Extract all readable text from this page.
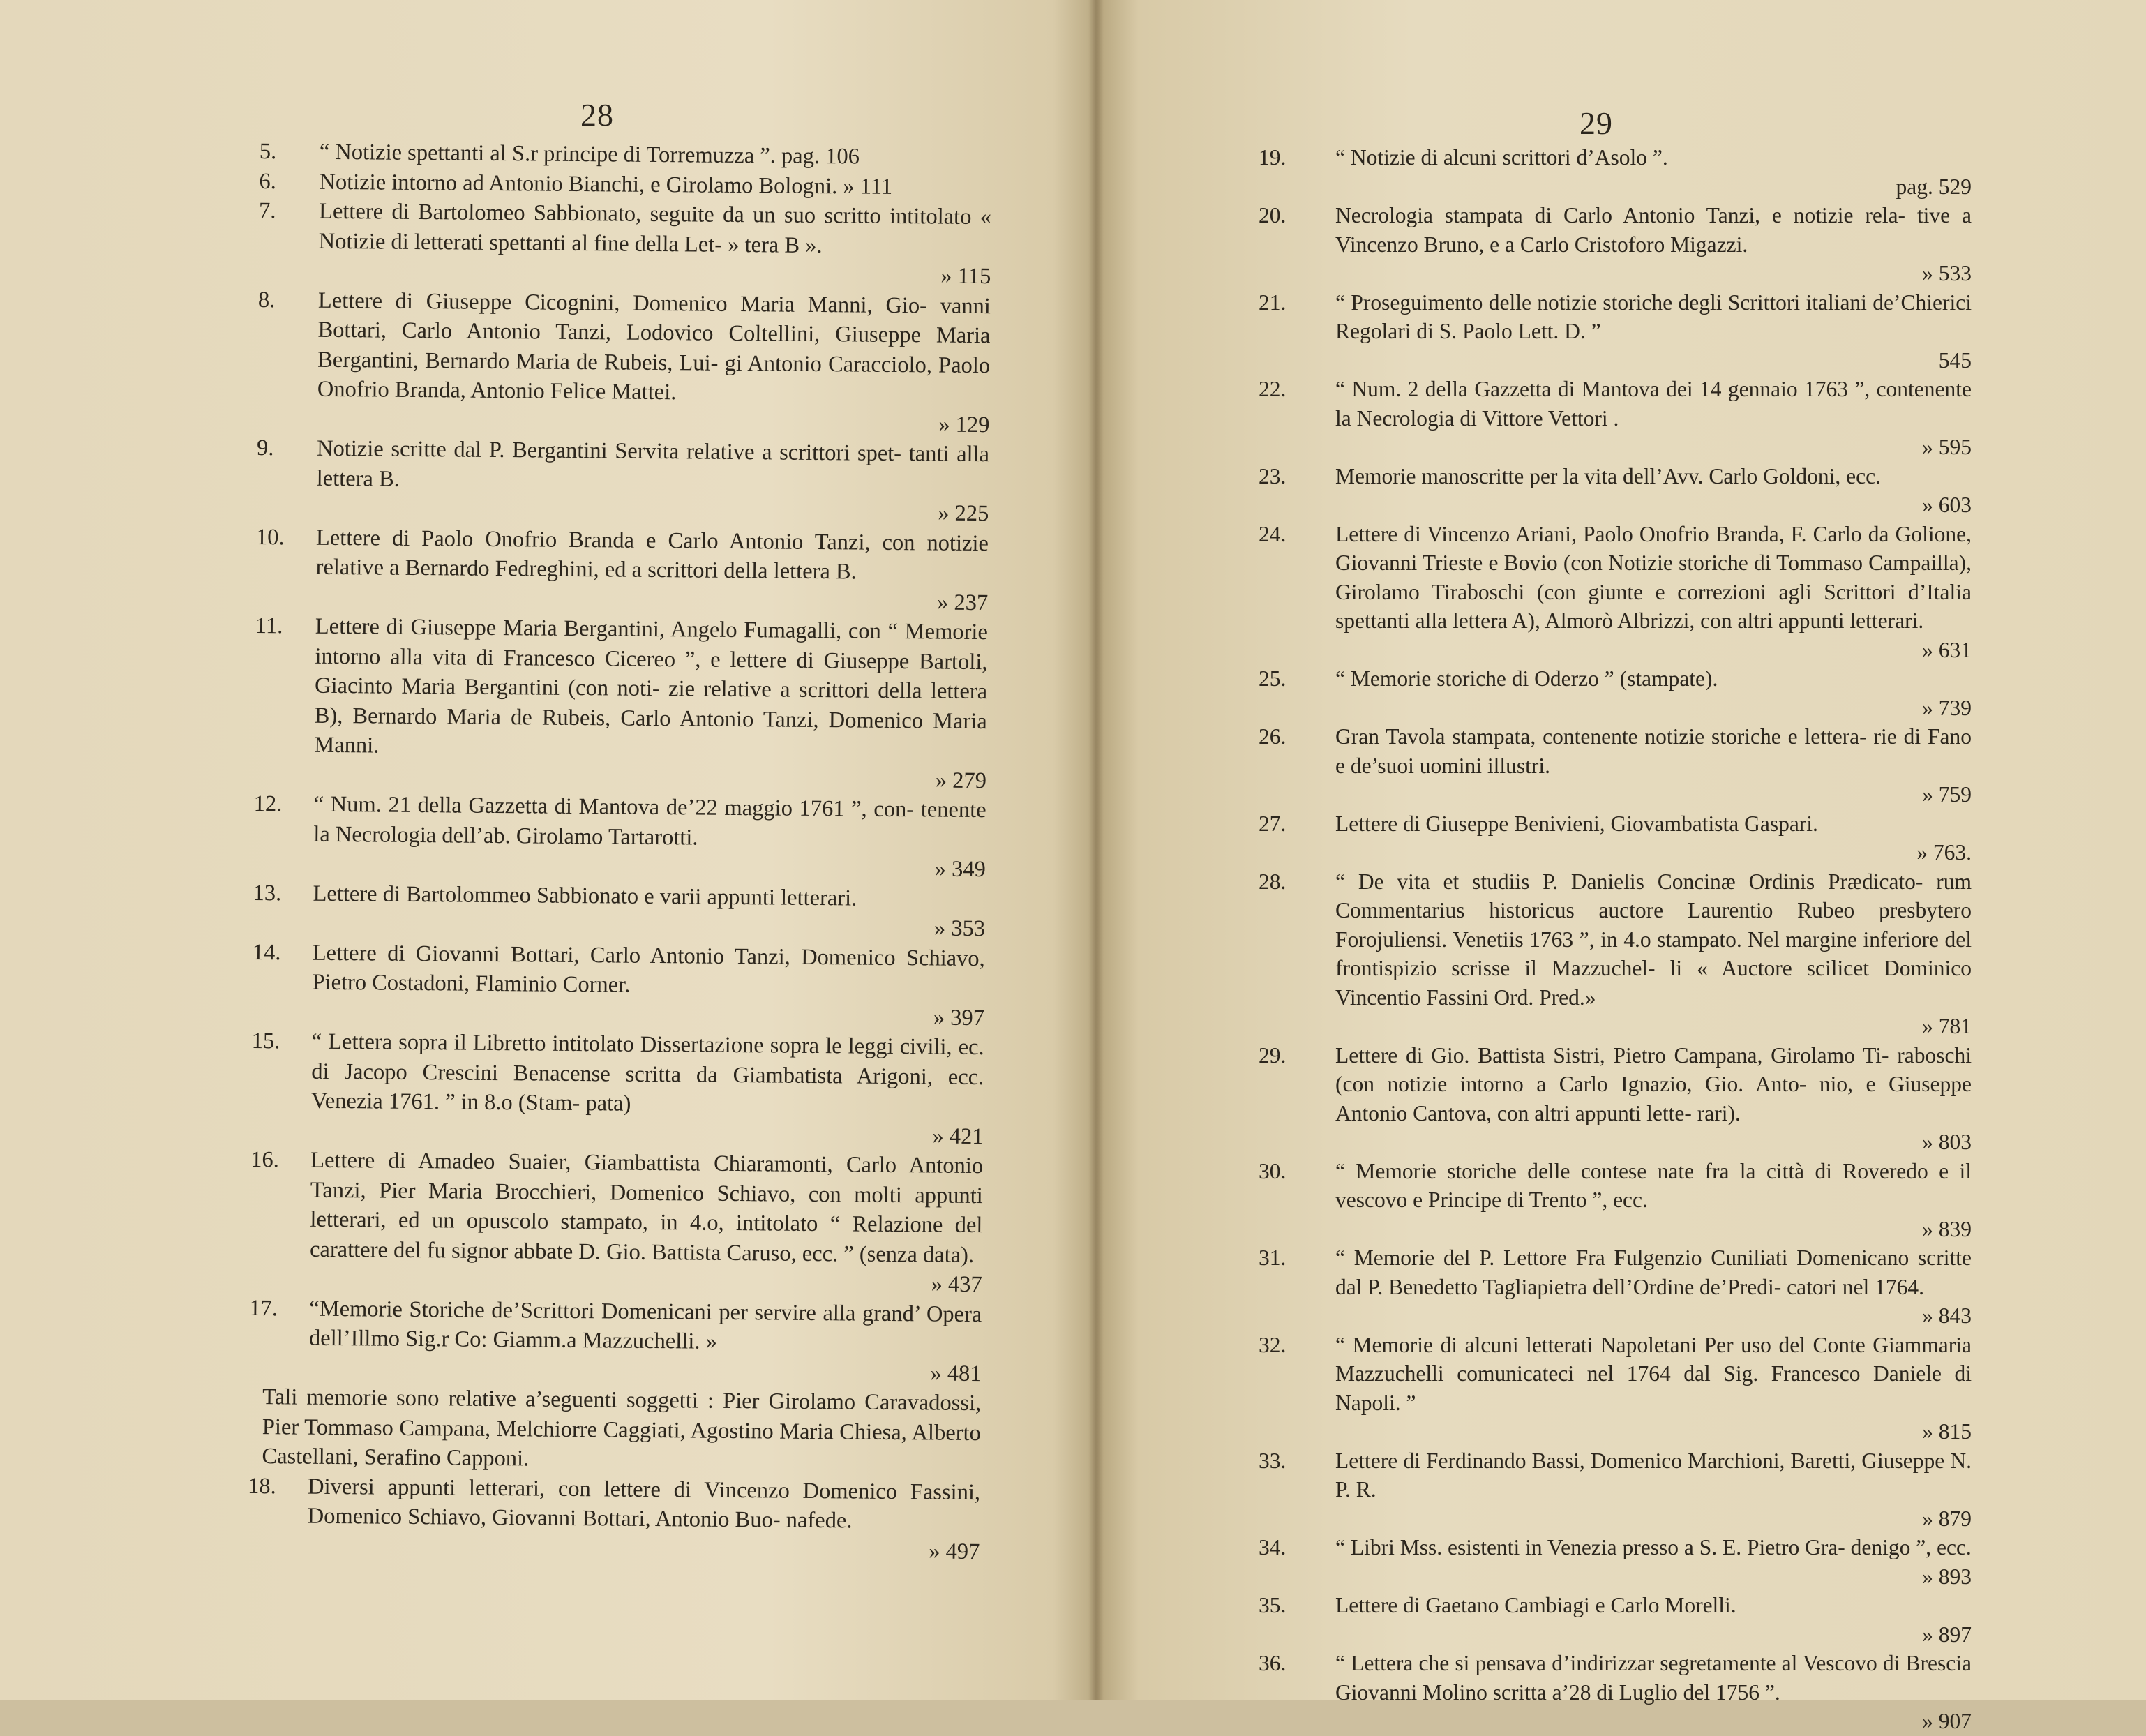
28

5. “ Notizie spettanti al S.r principe di Torremuzza ”. pag. 106
6. Notizie intorno ad Antonio Bianchi, e Girolamo Bologni. » 111
7. Lettere di Bartolomeo Sabbionato, seguite da un suo scritto intitolato « Notizie di letterati spettanti al fine della Let- » tera B ».
» 115
8. Lettere di Giuseppe Cicognini, Domenico Maria Manni, Gio- vanni Bottari, Carlo Antonio Tanzi, Lodovico Coltellini, Giuseppe Maria Bergantini, Bernardo Maria de Rubeis, Lui- gi Antonio Caracciolo, Paolo Onofrio Branda, Antonio Felice Mattei.
» 129
9. Notizie scritte dal P. Bergantini Servita relative a scrittori spet- tanti alla lettera B.
» 225
10. Lettere di Paolo Onofrio Branda e Carlo Antonio Tanzi, con notizie relative a Bernardo Fedreghini, ed a scrittori della lettera B.
» 237
11. Lettere di Giuseppe Maria Bergantini, Angelo Fumagalli, con “ Memorie intorno alla vita di Francesco Cicereo ”, e lettere di Giuseppe Bartoli, Giacinto Maria Bergantini (con noti- zie relative a scrittori della lettera B), Bernardo Maria de Rubeis, Carlo Antonio Tanzi, Domenico Maria Manni.
» 279
12. “ Num. 21 della Gazzetta di Mantova de’22 maggio 1761 ”, con- tenente la Necrologia dell’ab. Girolamo Tartarotti.
» 349
13. Lettere di Bartolommeo Sabbionato e varii appunti letterari.
» 353
14. Lettere di Giovanni Bottari, Carlo Antonio Tanzi, Domenico Schiavo, Pietro Costadoni, Flaminio Corner.
» 397
15. “ Lettera sopra il Libretto intitolato Dissertazione sopra le leggi civili, ec. di Jacopo Crescini Benacense scritta da Giambatista Arigoni, ecc. Venezia 1761. ” in 8.o (Stam- pata)
» 421
16. Lettere di Amadeo Suaier, Giambattista Chiaramonti, Carlo Antonio Tanzi, Pier Maria Brocchieri, Domenico Schiavo, con molti appunti letterari, ed un opuscolo stampato, in 4.o, intitolato “ Relazione del carattere del fu signor abbate D. Gio. Battista Caruso, ecc. ” (senza data).
» 437
17. “Memorie Storiche de’Scrittori Domenicani per servire alla grand’ Opera dell’Illmo Sig.r Co: Giamm.a Mazzuchelli. »
» 481
Tali memorie sono relative a’seguenti soggetti : Pier Girolamo Caravadossi, Pier Tommaso Campana, Melchiorre Caggiati, Agostino Maria Chiesa, Alberto Castellani, Serafino Capponi.
18. Diversi appunti letterari, con lettere di Vincenzo Domenico Fassini, Domenico Schiavo, Giovanni Bottari, Antonio Buo- nafede.
» 497

29

19. “ Notizie di alcuni scrittori d’Asolo ”.
pag. 529
20. Necrologia stampata di Carlo Antonio Tanzi, e notizie rela- tive a Vincenzo Bruno, e a Carlo Cristoforo Migazzi.
» 533
21. “ Proseguimento delle notizie storiche degli Scrittori italiani de’Chierici Regolari di S. Paolo Lett. D. ”
545
22. “ Num. 2 della Gazzetta di Mantova dei 14 gennaio 1763 ”, contenente la Necrologia di Vittore Vettori .
» 595
23. Memorie manoscritte per la vita dell’Avv. Carlo Goldoni, ecc.
» 603
24. Lettere di Vincenzo Ariani, Paolo Onofrio Branda, F. Carlo da Golione, Giovanni Trieste e Bovio (con Notizie storiche di Tommaso Campailla), Girolamo Tiraboschi (con giunte e correzioni agli Scrittori d’Italia spettanti alla lettera A), Almorò Albrizzi, con altri appunti letterari.
» 631
25. “ Memorie storiche di Oderzo ” (stampate).
» 739
26. Gran Tavola stampata, contenente notizie storiche e lettera- rie di Fano e de’suoi uomini illustri.
» 759
27. Lettere di Giuseppe Benivieni, Giovambatista Gaspari.
» 763.
28. “ De vita et studiis P. Danielis Concinæ Ordinis Prædicato- rum Commentarius historicus auctore Laurentio Rubeo presbytero Forojuliensi. Venetiis 1763 ”, in 4.o stampato. Nel margine inferiore del frontispizio scrisse il Mazzuchel- li « Auctore scilicet Dominico Vincentio Fassini Ord. Pred.»
» 781
29. Lettere di Gio. Battista Sistri, Pietro Campana, Girolamo Ti- raboschi (con notizie intorno a Carlo Ignazio, Gio. Anto- nio, e Giuseppe Antonio Cantova, con altri appunti lette- rari).
» 803
30. “ Memorie storiche delle contese nate fra la città di Roveredo e il vescovo e Principe di Trento ”, ecc.
» 839
31. “ Memorie del P. Lettore Fra Fulgenzio Cuniliati Domenicano scritte dal P. Benedetto Tagliapietra dell’Ordine de’Predi- catori nel 1764.
» 843
32. “ Memorie di alcuni letterati Napoletani Per uso del Conte Giammaria Mazzuchelli comunicateci nel 1764 dal Sig. Francesco Daniele di Napoli. ”
» 815
33. Lettere di Ferdinando Bassi, Domenico Marchioni, Baretti, Giuseppe N. P. R.
» 879
34. “ Libri Mss. esistenti in Venezia presso a S. E. Pietro Gra- denigo ”, ecc.
» 893
35. Lettere di Gaetano Cambiagi e Carlo Morelli.
» 897
36. “ Lettera che si pensava d’indirizzar segretamente al Vescovo di Brescia Giovanni Molino scritta a’28 di Luglio del 1756 ”.
» 907
